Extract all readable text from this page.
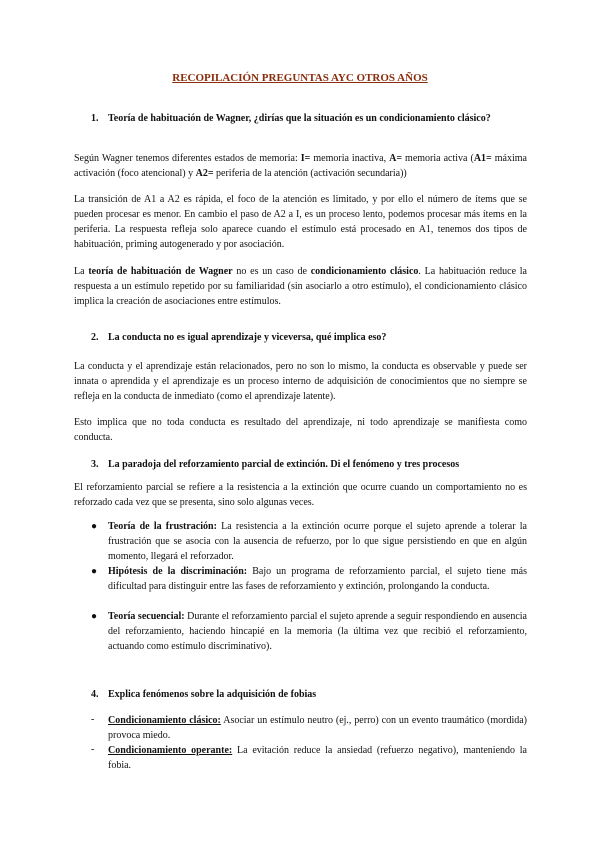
RECOPILACIÓN PREGUNTAS AYC OTROS AÑOS
1. Teoría de habituación de Wagner, ¿dirías que la situación es un condicionamiento clásico?
Según Wagner tenemos diferentes estados de memoria: I= memoria inactiva, A= memoria activa (A1= máxima activación (foco atencional) y A2= periferia de la atención (activación secundaria))
La transición de A1 a A2 es rápida, el foco de la atención es limitado, y por ello el número de ítems que se pueden procesar es menor. En cambio el paso de A2 a I, es un proceso lento, podemos procesar más ítems en la periferia. La respuesta refleja solo aparece cuando el estímulo está procesado en A1, tenemos dos tipos de habituación, priming autogenerado y por asociación.
La teoría de habituación de Wagner no es un caso de condicionamiento clásico. La habituación reduce la respuesta a un estímulo repetido por su familiaridad (sin asociarlo a otro estímulo), el condicionamiento clásico implica la creación de asociaciones entre estímulos.
2. La conducta no es igual aprendizaje y viceversa, qué implica eso?
La conducta y el aprendizaje están relacionados, pero no son lo mismo, la conducta es observable y puede ser innata o aprendida y el aprendizaje es un proceso interno de adquisición de conocimientos que no siempre se refleja en la conducta de inmediato (como el aprendizaje latente).
Esto implica que no toda conducta es resultado del aprendizaje, ni todo aprendizaje se manifiesta como conducta.
3. La paradoja del reforzamiento parcial de extinción. Di el fenómeno y tres procesos
El reforzamiento parcial se refiere a la resistencia a la extinción que ocurre cuando un comportamiento no es reforzado cada vez que se presenta, sino solo algunas veces.
● Teoría de la frustración: La resistencia a la extinción ocurre porque el sujeto aprende a tolerar la frustración que se asocia con la ausencia de refuerzo, por lo que sigue persistiendo en que en algún momento, llegará el reforzador.
● Hipótesis de la discriminación: Bajo un programa de reforzamiento parcial, el sujeto tiene más dificultad para distinguir entre las fases de reforzamiento y extinción, prolongando la conducta.
● Teoría secuencial: Durante el reforzamiento parcial el sujeto aprende a seguir respondiendo en ausencia del reforzamiento, haciendo hincapié en la memoria (la última vez que recibió el reforzamiento, actuando como estímulo discriminativo).
4. Explica fenómenos sobre la adquisición de fobias
- Condicionamiento clásico: Asociar un estímulo neutro (ej., perro) con un evento traumático (mordida) provoca miedo.
- Condicionamiento operante: La evitación reduce la ansiedad (refuerzo negativo), manteniendo la fobia.
